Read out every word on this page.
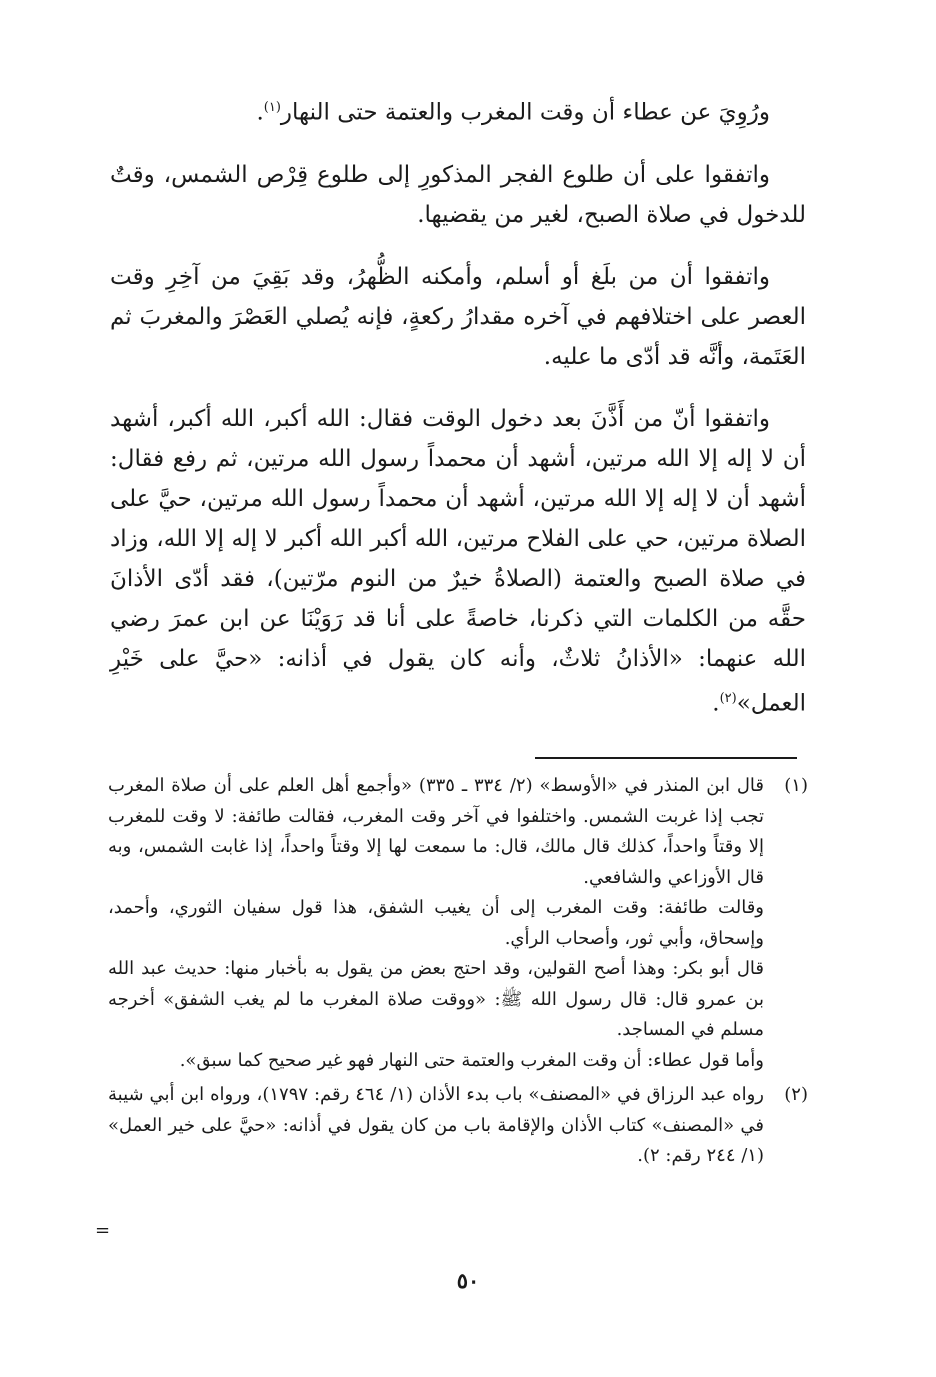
ورُوِيَ عن عطاء أن وقت المغرب والعتمة حتى النهار$^{(١)}$.

واتفقوا على أن طلوع الفجر المذكورِ إلى طلوع قِرْص الشمس، وقتٌ للدخول في صلاة الصبح، لغير من يقضيها.

واتفقوا أن من بلَغ أو أسلم، وأمكنه الظُّهرُ، وقد بَقِيَ من آخِرِ وقت العصر على اختلافهم في آخره مقدارُ ركعةٍ، فإنه يُصلي العَصْرَ والمغربَ ثم العَتَمة، وأنَّه قد أدّى ما عليه.

واتفقوا أنّ من أَذَّنَ بعد دخول الوقت فقال: الله أكبر، الله أكبر، أشهد أن لا إله إلا الله مرتين، أشهد أن محمداً رسول الله مرتين، ثم رفع فقال: أشهد أن لا إله إلا الله مرتين، أشهد أن محمداً رسول الله مرتين، حيَّ على الصلاة مرتين، حي على الفلاح مرتين، الله أكبر الله أكبر لا إله إلا الله، وزاد في صلاة الصبح والعتمة (الصلاةُ خيرٌ من النوم مرّتين)، فقد أدّى الأذانَ حقَّه من الكلمات التي ذكرنا، خاصةً على أنا قد رَوَيْنَا عن ابن عمرَ رضي الله عنهما: «الأذانُ ثلاثٌ، وأنه كان يقول في أذانه: «حيَّ على خَيْرِ العمل»$^{(٢)}$.

(١)
قال ابن المنذر في «الأوسط» (٢/ ٣٣٤ ـ ٣٣٥) «وأجمع أهل العلم على أن صلاة المغرب تجب إذا غربت الشمس. واختلفوا في آخر وقت المغرب، فقالت طائفة: لا وقت للمغرب إلا وقتاً واحداً، كذلك قال مالك، قال: ما سمعت لها إلا وقتاً واحداً، إذا غابت الشمس، وبه قال الأوزاعي والشافعي.
وقالت طائفة: وقت المغرب إلى أن يغيب الشفق، هذا قول سفيان الثوري، وأحمد، وإسحاق، وأبي ثور، وأصحاب الرأي.
قال أبو بكر: وهذا أصح القولين، وقد احتج بعض من يقول به بأخبار منها: حديث عبد الله بن عمرو قال: قال رسول الله ﷺ: «ووقت صلاة المغرب ما لم يغب الشفق» أخرجه مسلم في المساجد.
وأما قول عطاء: أن وقت المغرب والعتمة حتى النهار فهو غير صحيح كما سبق».
(٢)
رواه عبد الرزاق في «المصنف» باب بدء الأذان (١/ ٤٦٤ رقم: ١٧٩٧)، ورواه ابن أبي شيبة في «المصنف» كتاب الأذان والإقامة باب من كان يقول في أذانه: «حيَّ على خير العمل» (١/ ٢٤٤ رقم: ٢).
=
٥٠
